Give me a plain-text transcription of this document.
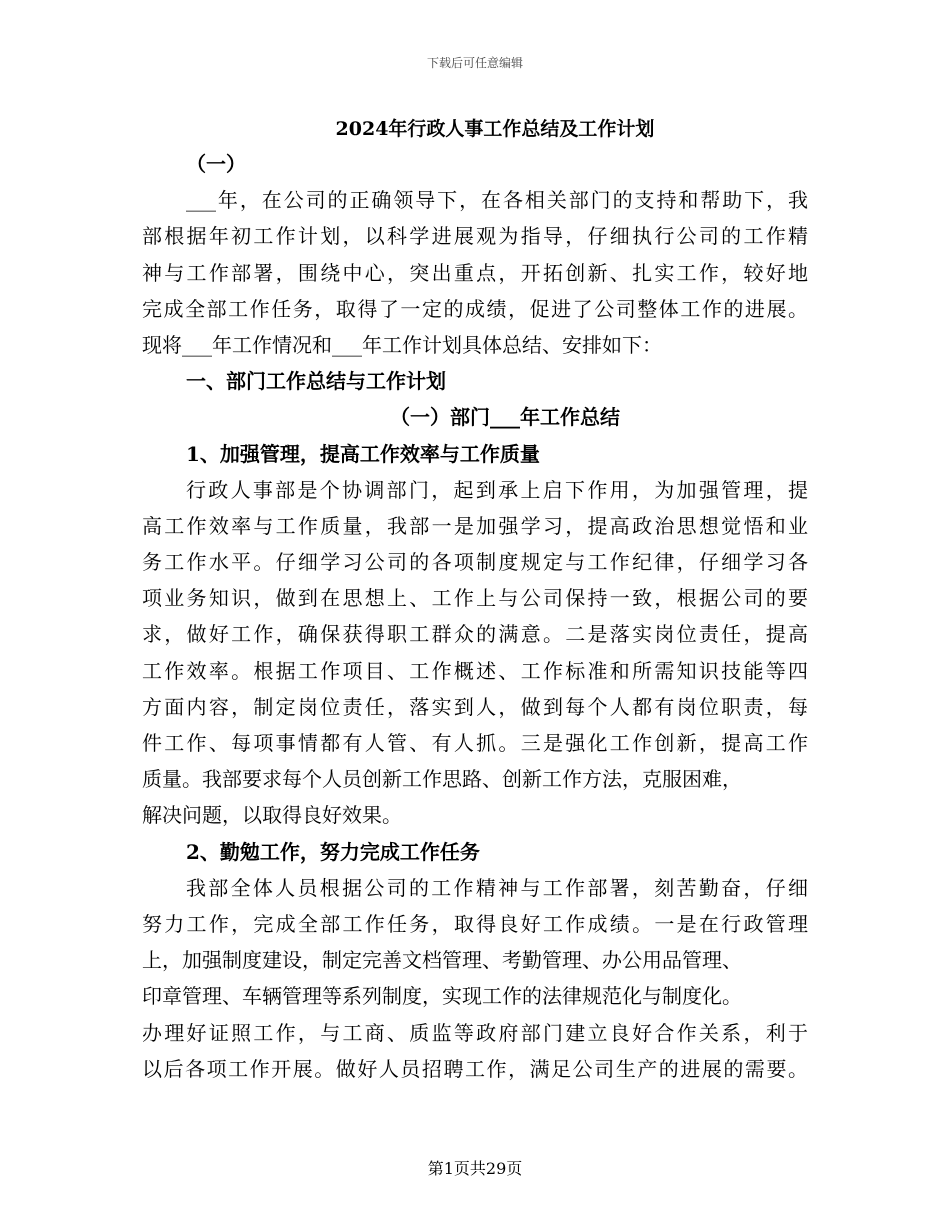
下载后可任意编辑
2024年行政人事工作总结及工作计划
（一）
___年，在公司的正确领导下，在各相关部门的支持和帮助下，我
部根据年初工作计划，以科学进展观为指导，仔细执行公司的工作精
神与工作部署，围绕中心，突出重点，开拓创新、扎实工作，较好地
完成全部工作任务，取得了一定的成绩，促进了公司整体工作的进展。
现将___年工作情况和___年工作计划具体总结、安排如下：
一、部门工作总结与工作计划
（一）部门___年工作总结
1、加强管理，提高工作效率与工作质量
行政人事部是个协调部门，起到承上启下作用，为加强管理，提
高工作效率与工作质量，我部一是加强学习，提高政治思想觉悟和业
务工作水平。仔细学习公司的各项制度规定与工作纪律，仔细学习各
项业务知识，做到在思想上、工作上与公司保持一致，根据公司的要
求，做好工作，确保获得职工群众的满意。二是落实岗位责任，提高
工作效率。根据工作项目、工作概述、工作标准和所需知识技能等四
方面内容，制定岗位责任，落实到人，做到每个人都有岗位职责，每
件工作、每项事情都有人管、有人抓。三是强化工作创新，提高工作
质量。我部要求每个人员创新工作思路、创新工作方法，克服困难，
解决问题，以取得良好效果。
2、勤勉工作，努力完成工作任务
我部全体人员根据公司的工作精神与工作部署，刻苦勤奋，仔细
努力工作，完成全部工作任务，取得良好工作成绩。一是在行政管理
上，加强制度建设，制定完善文档管理、考勤管理、办公用品管理、
印章管理、车辆管理等系列制度，实现工作的法律规范化与制度化。
办理好证照工作，与工商、质监等政府部门建立良好合作关系，利于
以后各项工作开展。做好人员招聘工作，满足公司生产的进展的需要。
第1页共29页
